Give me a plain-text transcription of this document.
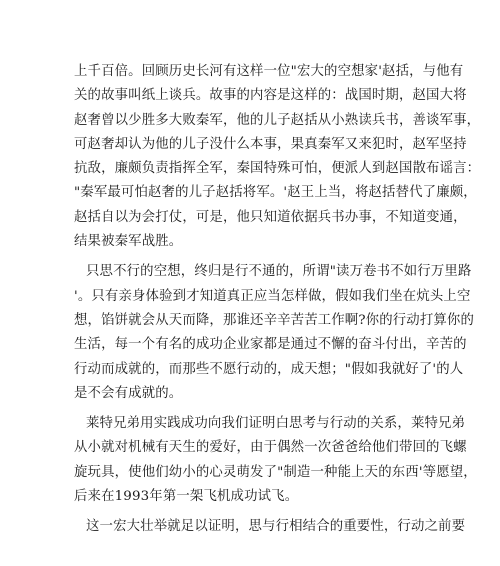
上千百倍。回顾历史长河有这样一位"宏大的空想家'赵括，与他有
关的故事叫纸上谈兵。故事的内容是这样的：战国时期，赵国大将
赵奢曾以少胜多大败秦军，他的儿子赵括从小熟读兵书，善谈军事，
可赵奢却认为他的儿子没什么本事，果真秦军又来犯时，赵军坚持
抗敌，廉颇负责指挥全军，秦国特殊可怕，便派人到赵国散布谣言：
"秦军最可怕赵奢的儿子赵括将军。'赵王上当，将赵括替代了廉颇，
赵括自以为会打仗，可是，他只知道依据兵书办事，不知道变通，
结果被秦军战胜。

只思不行的空想，终归是行不通的，所谓"读万卷书不如行万里路
'。只有亲身体验到才知道真正应当怎样做，假如我们坐在炕头上空
想，馅饼就会从天而降，那谁还辛辛苦苦工作啊?你的行动打算你的
生活，每一个有名的成功企业家都是通过不懈的奋斗付出，辛苦的
行动而成就的，而那些不愿行动的，成天想；"假如我就好了'的人
是不会有成就的。

莱特兄弟用实践成功向我们证明白思考与行动的关系，莱特兄弟
从小就对机械有天生的爱好，由于偶然一次爸爸给他们带回的飞螺
旋玩具，使他们幼小的心灵萌发了"制造一种能上天的东西'等愿望，
后来在1993年第一架飞机成功试飞。

这一宏大壮举就足以证明，思与行相结合的重要性，行动之前要
